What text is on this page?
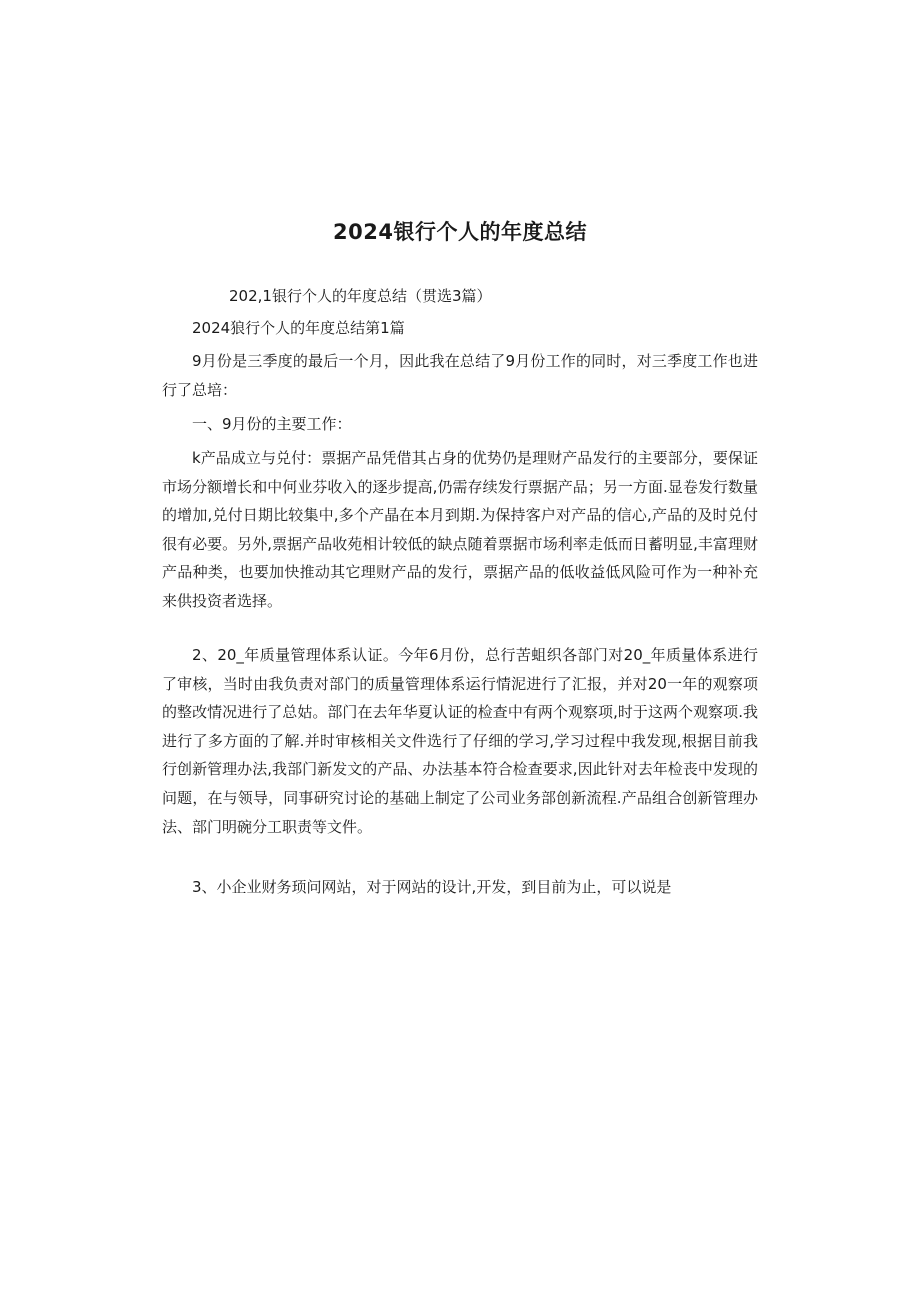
2024银行个人的年度总结

202,1银行个人的年度总结（贯选3篇）

2024狼行个人的年度总结第1篇

9月份是三季度的最后一个月，因此我在总结了9月份工作的同时，对三季度工作也进行了总培：

一、9月份的主要工作：

k产品成立与兑付：票据产品凭借其占身的优势仍是理财产品发行的主要部分，要保证市场分额增长和中何业芬收入的逐步提高,仍需存续发行票据产品；另一方面.显卷发行数量的增加,兑付日期比较集中,多个产晶在本月到期.为保持客户对产品的信心,产品的及时兑付很有必要。另外,票据产品收苑相计较低的缺点随着票据市场利率走低而日蓄明显,丰富理财产品种类，也要加快推动其它理财产品的发行，票据产品的低收益低风险可作为一种补充来供投资者选择。

2、20_年质量管理体系认证。今年6月份，总行苦蛆织各部门对20_年质量体系进行了审核，当时由我负责对部门的质量管理体系运行情泥进行了汇报，并对20一年的观察项的整改情况进行了总姑。部门在去年华夏认证的检查中有两个观察项,时于这两个观察项.我进行了多方面的了解.并时审核相关文件选行了仔细的学习,学习过程中我发现,根据目前我行创新管理办法,我部门新发文的产品、办法基本符合检查要求,因此针对去年检丧中发现的问题，在与领导，同事研究讨论的基础上制定了公司业务部创新流程.产品组合创新管理办法、部门明碗分工职责等文件。

3、小企业财务顼问网站，对于网站的设计,开发，到目前为止，可以说是
